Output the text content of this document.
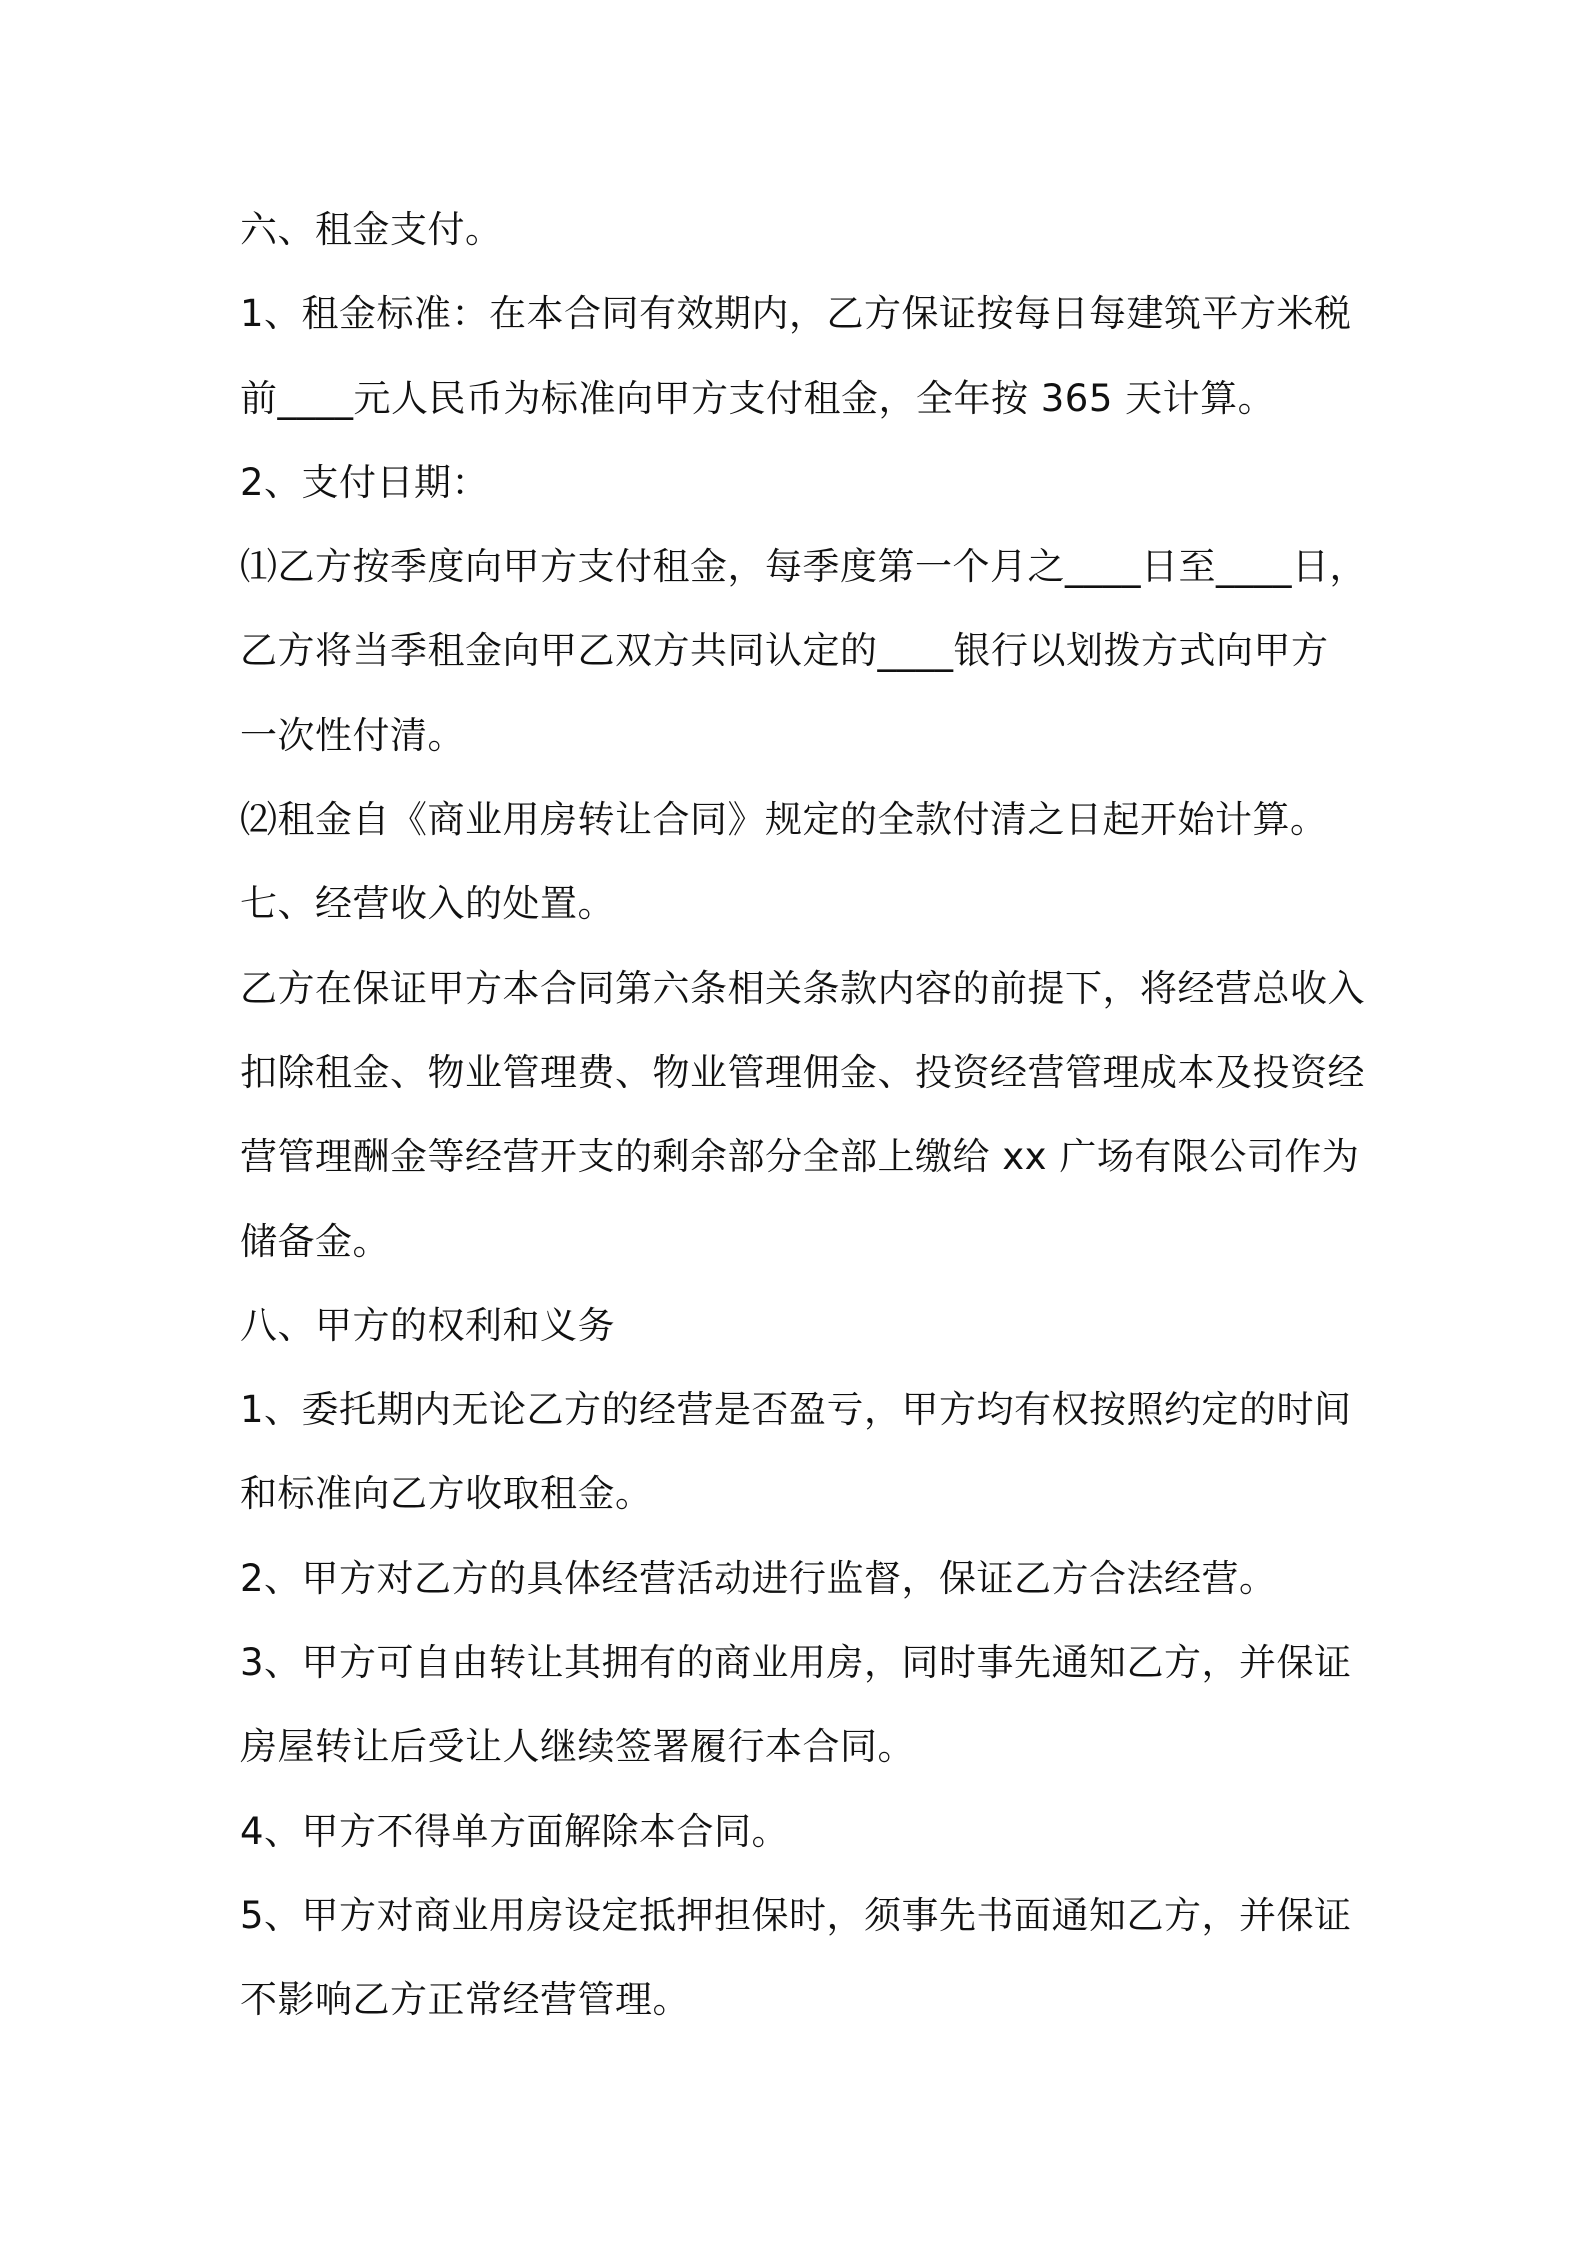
六、租金支付。
1、租金标准：在本合同有效期内，乙方保证按每日每建筑平方米税
前____元人民币为标准向甲方支付租金，全年按 365 天计算。
2、支付日期：
⑴乙方按季度向甲方支付租金，每季度第一个月之____日至____日，
乙方将当季租金向甲乙双方共同认定的____银行以划拨方式向甲方
一次性付清。
⑵租金自《商业用房转让合同》规定的全款付清之日起开始计算。
七、经营收入的处置。
乙方在保证甲方本合同第六条相关条款内容的前提下，将经营总收入
扣除租金、物业管理费、物业管理佣金、投资经营管理成本及投资经
营管理酬金等经营开支的剩余部分全部上缴给 xx 广场有限公司作为
储备金。
八、甲方的权利和义务
1、委托期内无论乙方的经营是否盈亏，甲方均有权按照约定的时间
和标准向乙方收取租金。
2、甲方对乙方的具体经营活动进行监督，保证乙方合法经营。
3、甲方可自由转让其拥有的商业用房，同时事先通知乙方，并保证
房屋转让后受让人继续签署履行本合同。
4、甲方不得单方面解除本合同。
5、甲方对商业用房设定抵押担保时，须事先书面通知乙方，并保证
不影响乙方正常经营管理。
